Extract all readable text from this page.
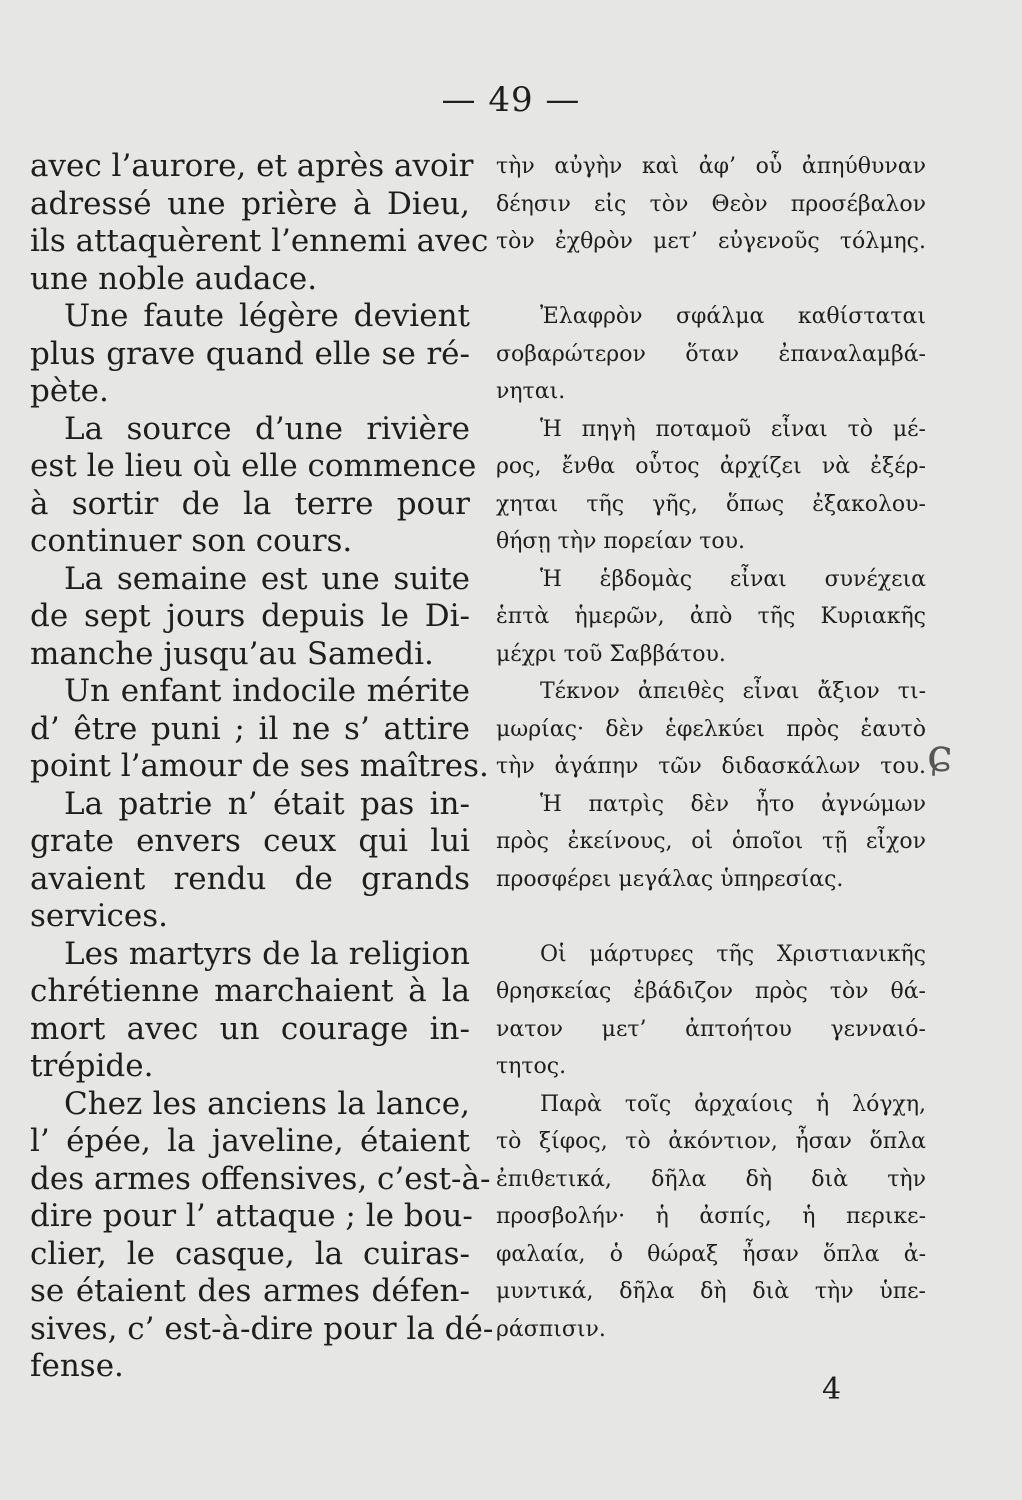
— 49 —
avec l’aurore, et après avoir
adressé une prière à Dieu,
ils attaquèrent l’ennemi avec
une noble audace.
Une faute légère devient
plus grave quand elle se ré-
pète.
La source d’une rivière
est le lieu où elle commence
à sortir de la terre pour
continuer son cours.
La semaine est une suite
de sept jours depuis le Di-
manche jusqu’au Samedi.
Un enfant indocile mérite
d’ être puni ; il ne s’ attire
point l’amour de ses maîtres.
La patrie n’ était pas in-
grate envers ceux qui lui
avaient rendu de grands
services.
Les martyrs de la religion
chrétienne marchaient à la
mort avec un courage in-
trépide.
Chez les anciens la lance,
l’ épée, la javeline, étaient
des armes offensives, c’est-à-
dire pour l’ attaque ; le bou-
clier, le casque, la cuiras-
se étaient des armes défen-
sives, c’ est-à-dire pour la dé-
fense.
τὴν αὐγὴν καὶ ἀφ’ οὗ ἀπηύθυναν
δέησιν εἰς τὸν Θεὸν προσέβαλον
τὸν ἐχθρὸν μετ’ εὐγενοῦς τόλμης.
Ἐλαφρὸν σφάλμα καθίσταται
σοβαρώτερον ὅταν ἐπαναλαμβά-
νηται.
Ἡ πηγὴ ποταμοῦ εἶναι τὸ μέ-
ρος, ἔνθα οὗτος ἀρχίζει νὰ ἐξέρ-
χηται τῆς γῆς, ὅπως ἐξακολου-
θήσῃ τὴν πορείαν του.
Ἡ ἑβδομὰς εἶναι συνέχεια
ἑπτὰ ἡμερῶν, ἀπὸ τῆς Κυριακῆς
μέχρι τοῦ Σαββάτου.
Τέκνον ἀπειθὲς εἶναι ἄξιον τι-
μωρίας· δὲν ἑφελκύει πρὸς ἑαυτὸ
τὴν ἀγάπην τῶν διδασκάλων του.
Ἡ πατρὶς δὲν ἦτο ἀγνώμων
πρὸς ἐκείνους, οἱ ὁποῖοι τῇ εἶχον
προσφέρει μεγάλας ὑπηρεσίας.
Οἱ μάρτυρες τῆς Χριστιανικῆς
θρησκείας ἐβάδιζον πρὸς τὸν θά-
νατον μετ’ ἀπτοήτου γενναιό-
τητος.
Παρὰ τοῖς ἀρχαίοις ἡ λόγχη,
τὸ ξίφος, τὸ ἀκόντιον, ἦσαν ὅπλα
ἐπιθετικά, δῆλα δὴ διὰ τὴν
προσβολήν· ἡ ἀσπίς, ἡ περικε-
φαλαία, ὁ θώραξ ἦσαν ὅπλα ἀ-
μυντικά, δῆλα δὴ διὰ τὴν ὑπε-
ράσπισιν.
ɕ
4
